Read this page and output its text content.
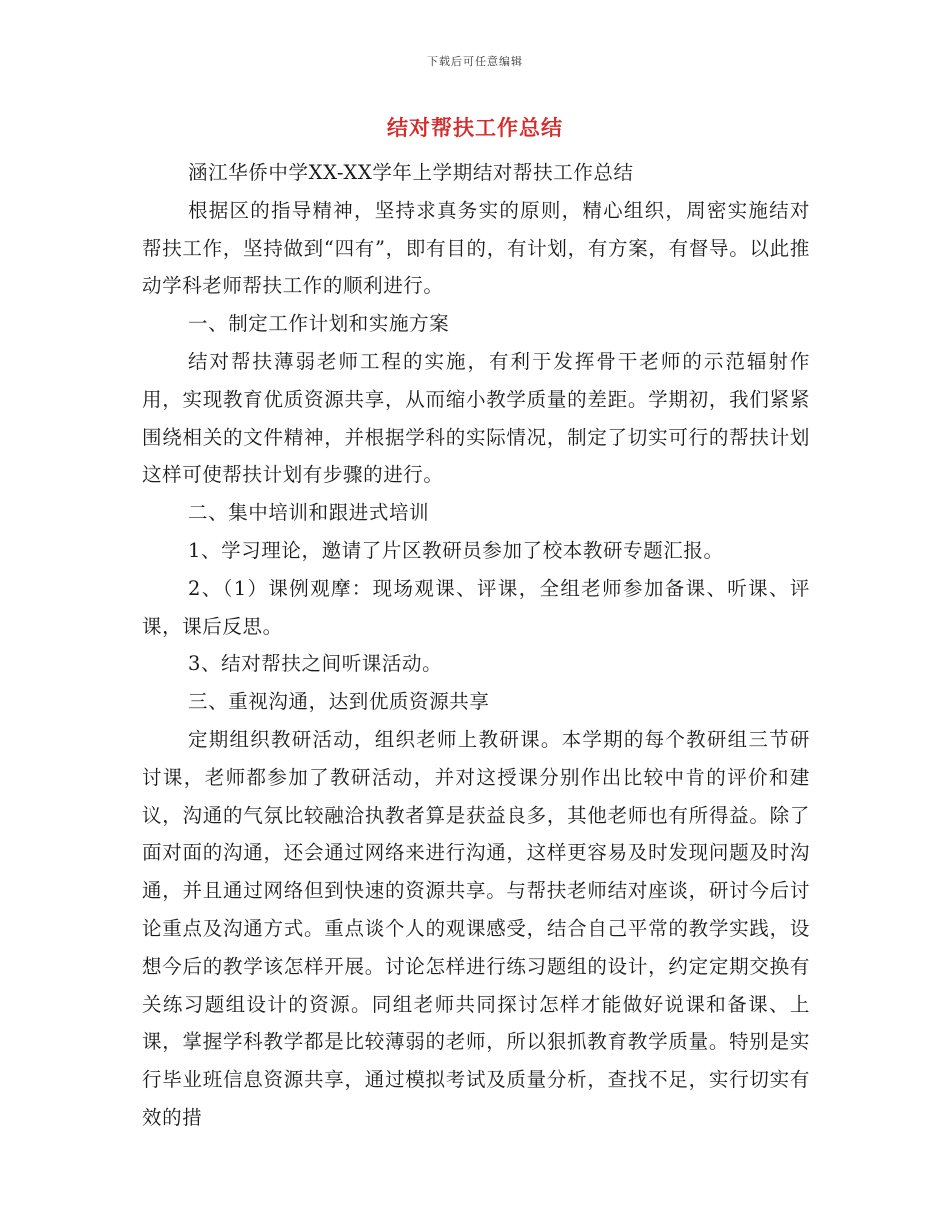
下载后可任意编辑
结对帮扶工作总结

涵江华侨中学XX-XX学年上学期结对帮扶工作总结

根据区的指导精神，坚持求真务实的原则，精心组织，周密实施结对帮扶工作，坚持做到“四有”，即有目的，有计划，有方案，有督导。以此推动学科老师帮扶工作的顺利进行。

一、制定工作计划和实施方案

结对帮扶薄弱老师工程的实施，有利于发挥骨干老师的示范辐射作用，实现教育优质资源共享，从而缩小教学质量的差距。学期初，我们紧紧围绕相关的文件精神，并根据学科的实际情况，制定了切实可行的帮扶计划这样可使帮扶计划有步骤的进行。

二、集中培训和跟进式培训

1、学习理论，邀请了片区教研员参加了校本教研专题汇报。

2、（1）课例观摩：现场观课、评课，全组老师参加备课、听课、评课，课后反思。

3、结对帮扶之间听课活动。

三、重视沟通，达到优质资源共享

定期组织教研活动，组织老师上教研课。本学期的每个教研组三节研讨课，老师都参加了教研活动，并对这授课分别作出比较中肯的评价和建议，沟通的气氛比较融洽执教者算是获益良多，其他老师也有所得益。除了面对面的沟通，还会通过网络来进行沟通，这样更容易及时发现问题及时沟通，并且通过网络但到快速的资源共享。与帮扶老师结对座谈，研讨今后讨论重点及沟通方式。重点谈个人的观课感受，结合自己平常的教学实践，设想今后的教学该怎样开展。讨论怎样进行练习题组的设计，约定定期交换有关练习题组设计的资源。同组老师共同探讨怎样才能做好说课和备课、上课，掌握学科教学都是比较薄弱的老师，所以狠抓教育教学质量。特别是实行毕业班信息资源共享，通过模拟考试及质量分析，查找不足，实行切实有效的措
